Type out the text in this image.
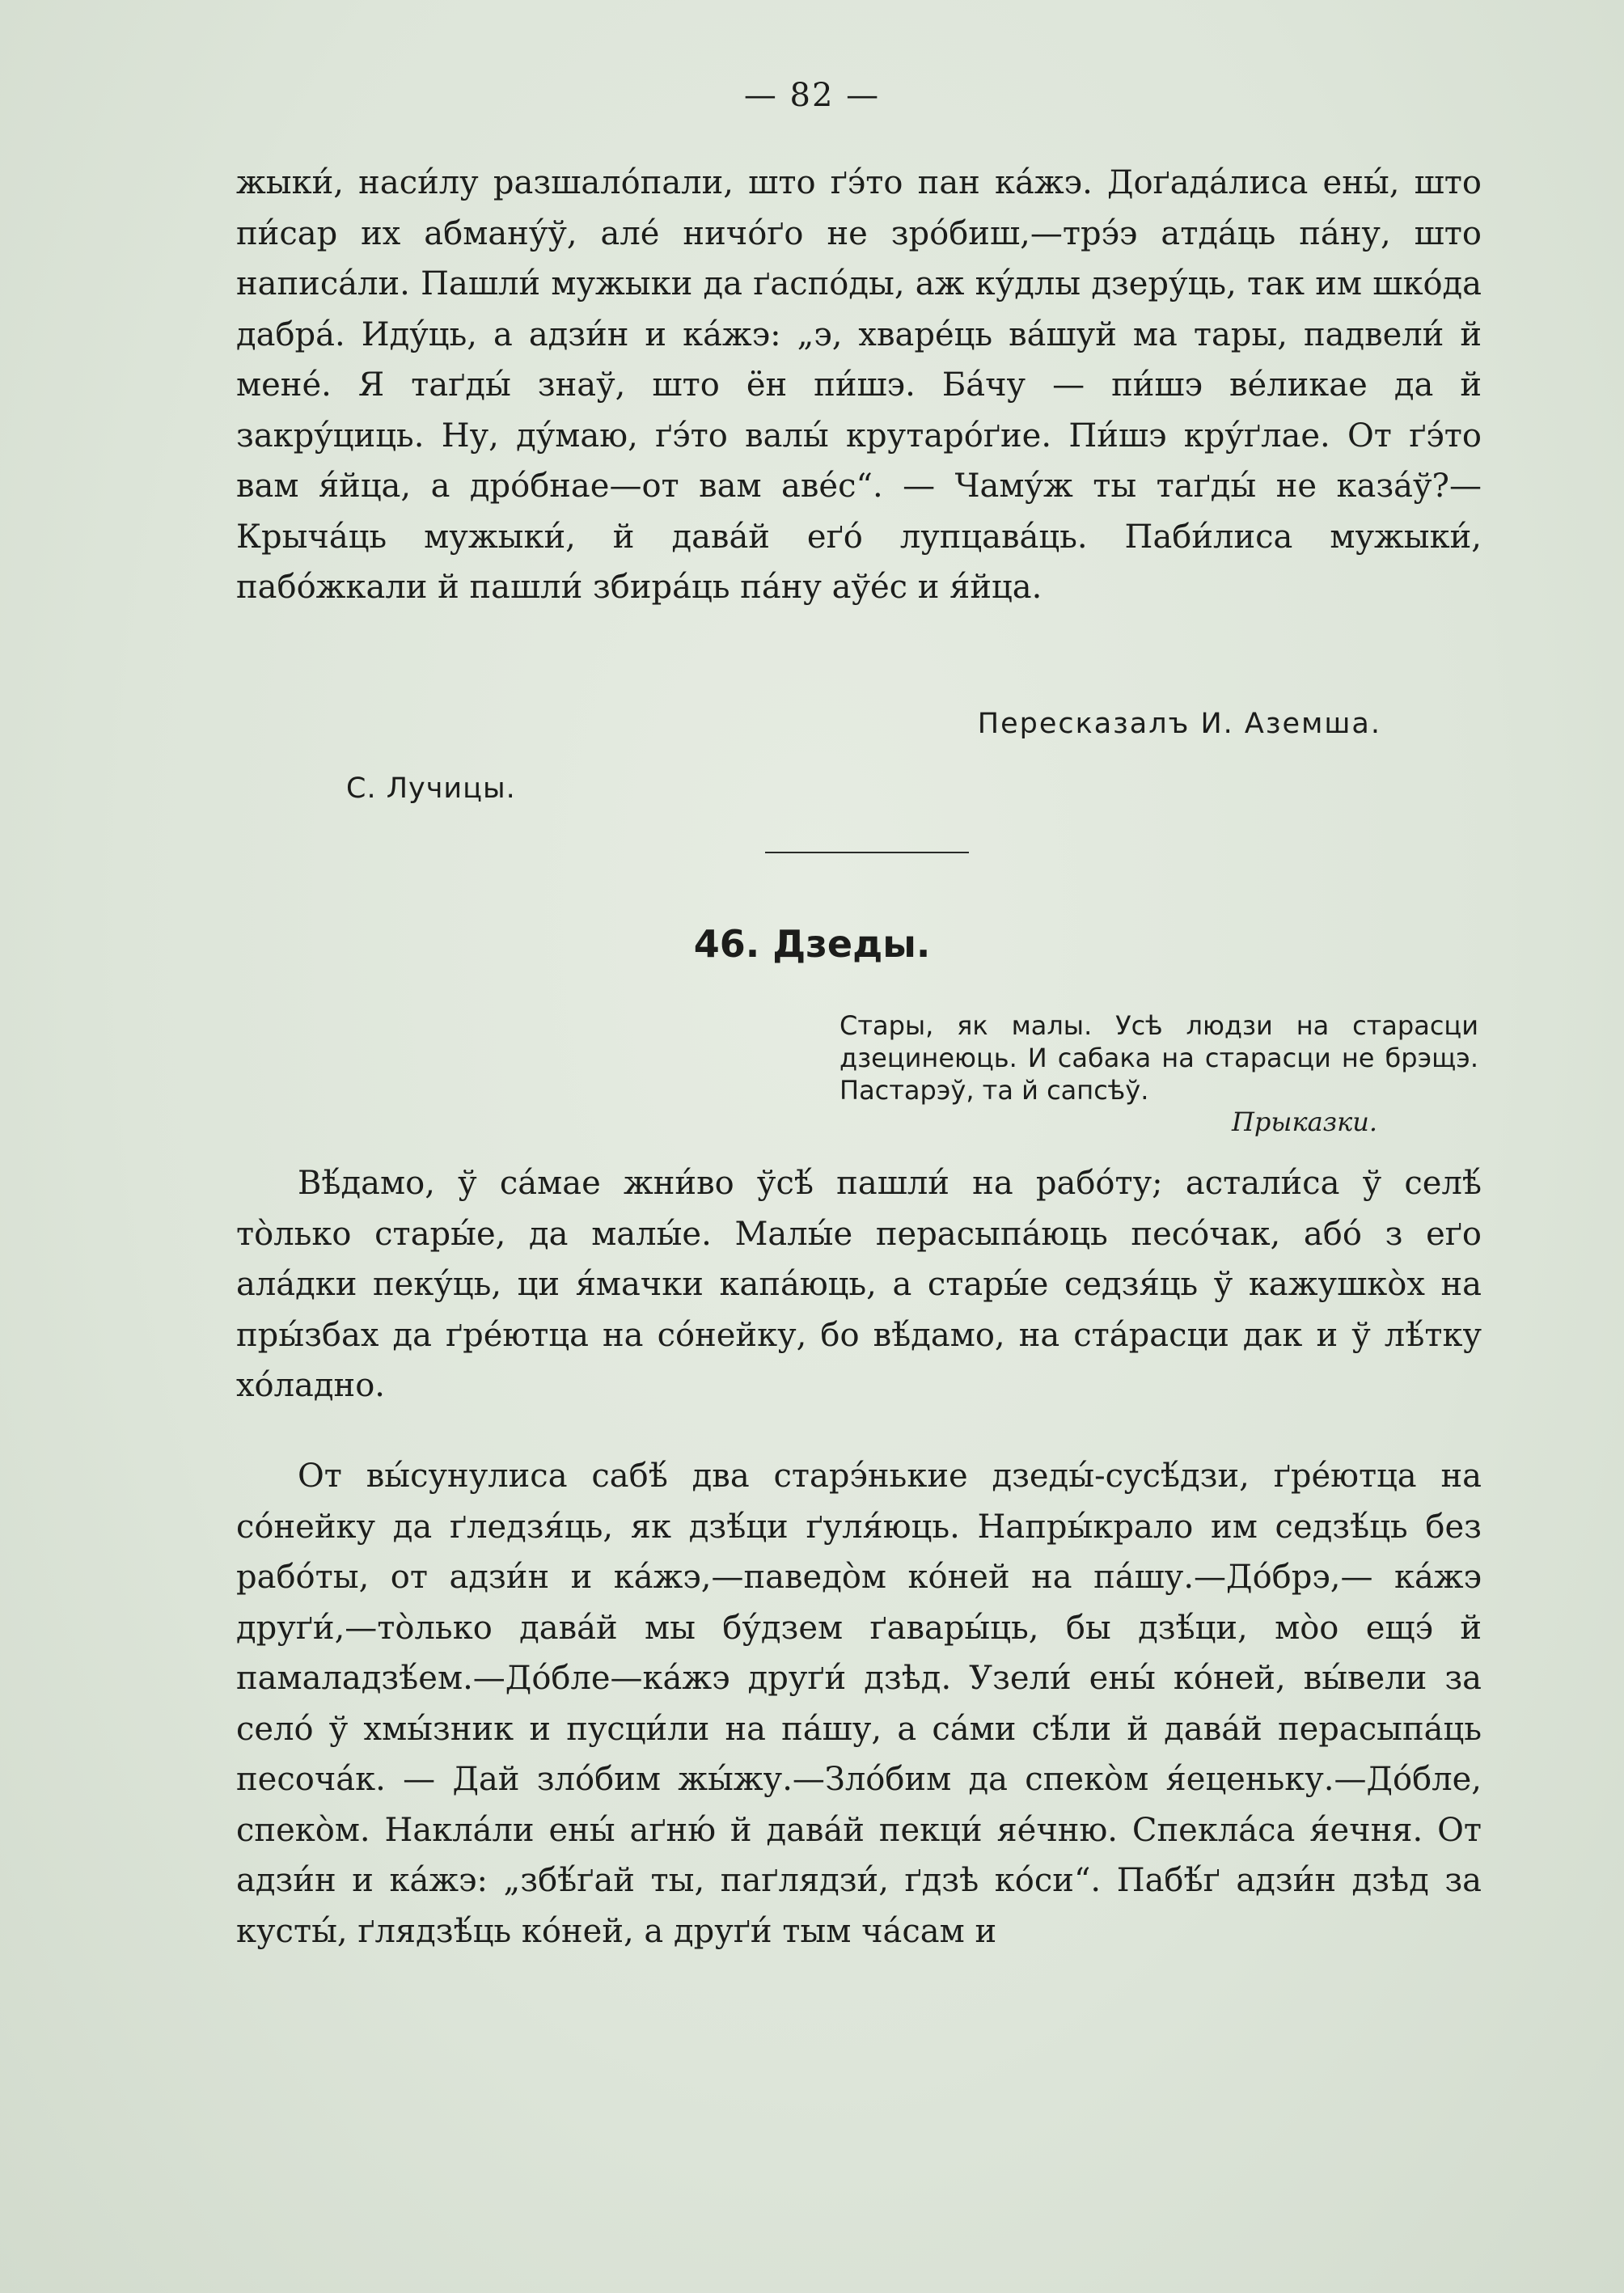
— 82 —

жыки́, наси́лу разшало́пали, што ґэ́то пан ка́жэ. Доґада́лиса ены́, што пи́сар их абману́ў, але́ ничо́ґо не зро́биш,—трэ́э атда́ць па́ну, што написа́ли. Пашли́ мужыки да ґаспо́ды, аж ку́длы дзеру́ць, так им шко́да дабра́. Иду́ць, а адзи́н и ка́жэ: „э, хваре́ць ва́шуй ма тары, падвели́ й мене́. Я таґды́ знаў, што ён пи́шэ. Ба́чу — пи́шэ ве́ликае да й закру́циць. Ну, ду́маю, ґэ́то валы́ крутаро́ґие. Пи́шэ кру́ґлае. От ґэ́то вам я́йца, а дро́бнае—от вам аве́с“. — Чаму́ж ты таґды́ не каза́ў?—Крыча́ць мужыки́, й дава́й еґо́ лупцава́ць. Паби́лиса мужыки́, пабо́жкали й пашли́ збира́ць па́ну аўе́с и я́йца.

Пересказалъ И. Аземша.
С. Лучицы.
46. Дзеды.
Стары, як малы. Усѣ людзи на старасци дзецинеюць. И сабака на старасци не брэщэ. Пастарэў, та й сапсѣў.
Прыказки.

Вѣ́дамо, ў са́мае жни́во ўсѣ́ пашли́ на рабо́ту; астали́са ў селѣ́ то̀лько стары́е, да малы́е. Малы́е перасыпа́юць песо́чак, або́ з еґо ала́дки пеку́ць, ци я́мачки капа́юць, а стары́е седзя́ць ў кажушко̀х на пры́збах да ґре́ютца на со́нейку, бо вѣ́дамо, на ста́расци дак и ў лѣ́тку хо́ладно.

От вы́сунулиса сабѣ́ два старэ́нькие дзеды́-сусѣ́дзи, ґре́ютца на со́нейку да ґледзя́ць, як дзѣ́ци ґуля́юць. Напры́крало им седзѣ́ць без рабо́ты, от адзи́н и ка́жэ,—паведо̀м ко́ней на па́шу.—До́брэ,— ка́жэ друґи́,—то̀лько дава́й мы бу́дзем ґавары́ць, бы дзѣ́ци, мо̀о ещэ́ й памаладзѣ́ем.—До́бле—ка́жэ друґи́ дзѣд. Узели́ ены́ ко́ней, вы́вели за село́ ў хмы́зник и пусци́ли на па́шу, а са́ми сѣ́ли й дава́й перасыпа́ць песоча́к. — Дай зло́бим жы́жу.—Зло́бим да спеко̀м я́еценьку.—До́бле, спеко̀м. Накла́ли ены́ аґню́ й дава́й пекци́ яе́чню. Спекла́са я́ечня. От адзи́н и ка́жэ: „збѣ́ґай ты, паґлядзи́, ґдзѣ ко́си“. Пабѣ́ґ адзи́н дзѣд за кусты́, ґлядзѣ́ць ко́ней, а друґи́ тым ча́сам и
